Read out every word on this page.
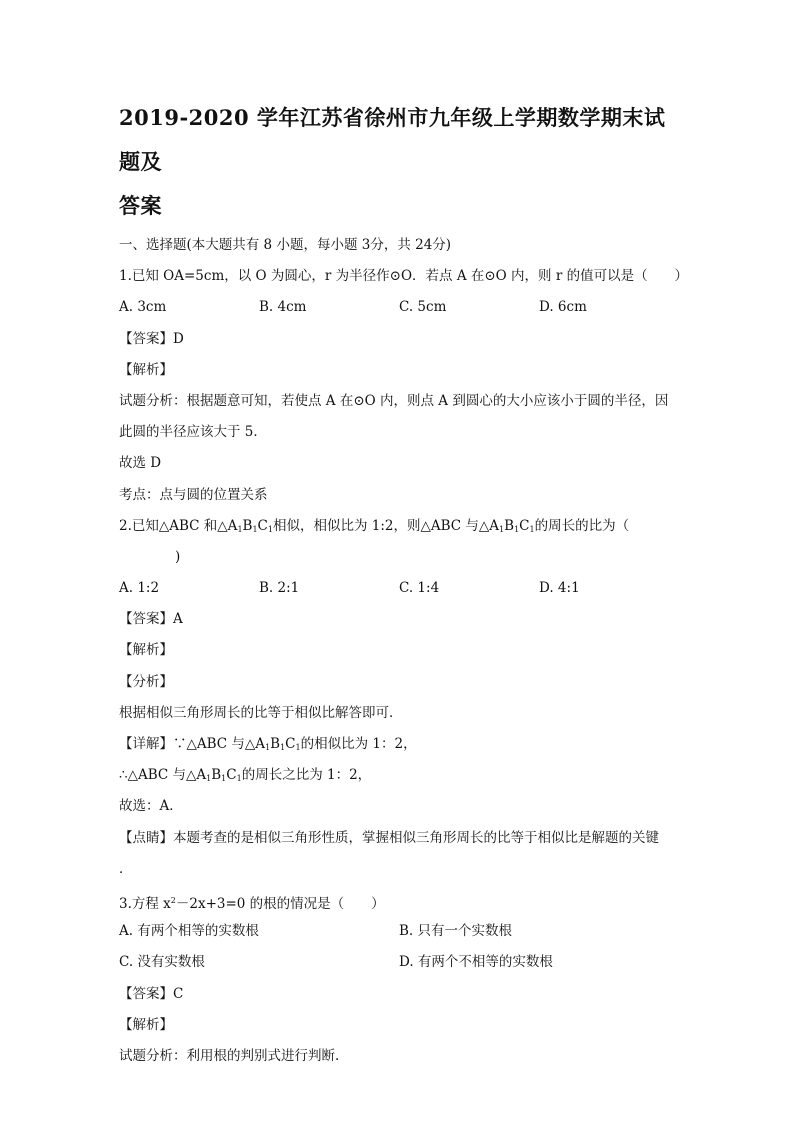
2019-2020 学年江苏省徐州市九年级上学期数学期末试题及
答案
一、选择题(本大题共有 8 小题，每小题 3分，共 24分)
1.已知 OA=5cm，以 O 为圆心，r 为半径作⊙O．若点 A 在⊙O 内，则 r 的值可以是（　　）
A. 3cm	B. 4cm	C. 5cm	D. 6cm
【答案】D
【解析】
试题分析：根据题意可知，若使点 A 在⊙O 内，则点 A 到圆心的大小应该小于圆的半径，因
此圆的半径应该大于 5．
故选 D
考点：点与圆的位置关系
2.已知△ABC 和$\triangle A_1B_1C_1$相似，相似比为 1:2，则△ABC 与$\triangle A_1B_1C_1$的周长的比为（
)
A. 1:2	B. 2:1	C. 1:4	D. 4:1
【答案】A
【解析】
【分析】
根据相似三角形周长的比等于相似比解答即可．
【详解】∵△ABC 与$\triangle A_1B_1C_1$的相似比为 1：2，
∴△ABC 与$\triangle A_1B_1C_1$的周长之比为 1：2，
故选：A．
【点睛】本题考查的是相似三角形性质，掌握相似三角形周长的比等于相似比是解题的关键
．
3.方程 $x^2-2x+3=0$ 的根的情况是（　　）
A. 有两个相等的实数根	B. 只有一个实数根
C. 没有实数根	D. 有两个不相等的实数根
【答案】C
【解析】
试题分析：利用根的判别式进行判断.
